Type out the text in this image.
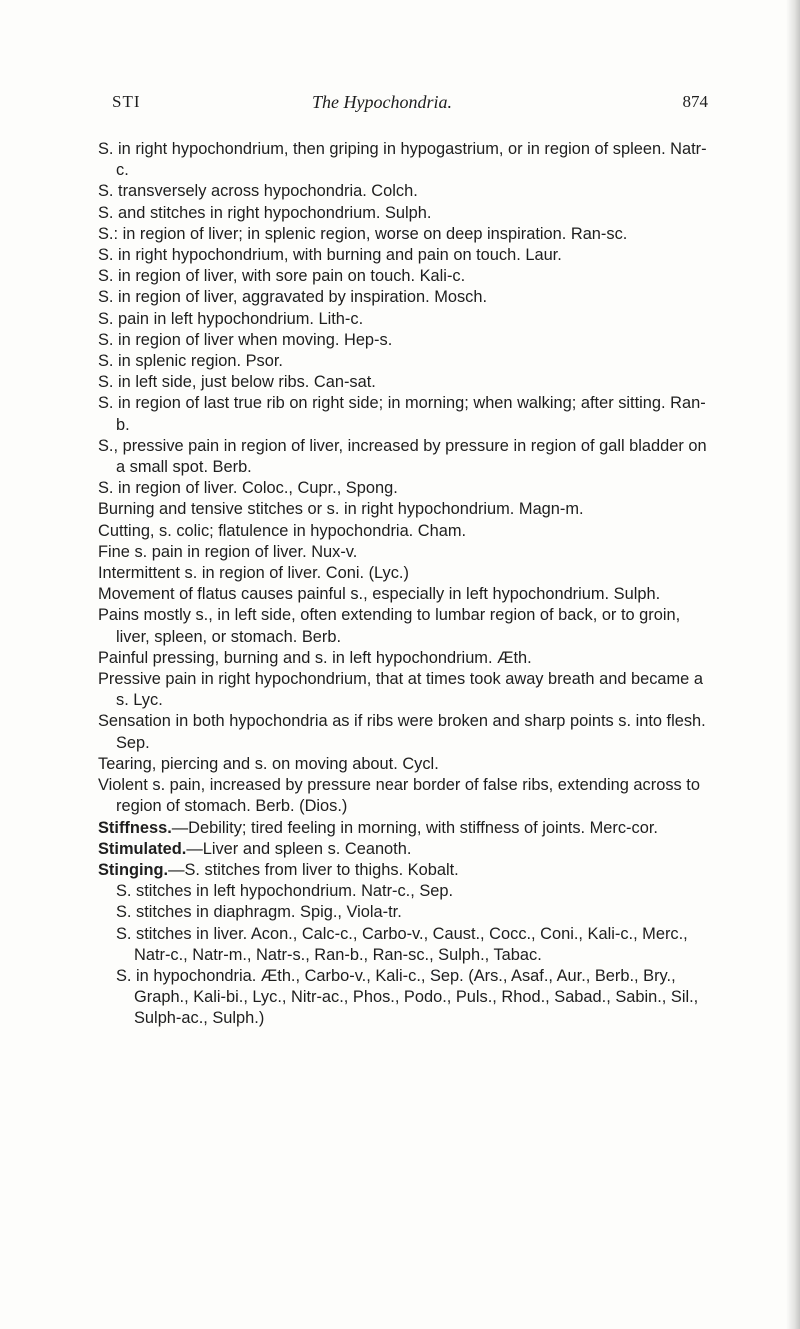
STI	The Hypochondria.	874
S. in right hypochondrium, then griping in hypogastrium, or in region of spleen. Natr-c.
S. transversely across hypochondria. Colch.
S. and stitches in right hypochondrium. Sulph.
S.: in region of liver; in splenic region, worse on deep inspiration. Ran-sc.
S. in right hypochondrium, with burning and pain on touch. Laur.
S. in region of liver, with sore pain on touch. Kali-c.
S. in region of liver, aggravated by inspiration. Mosch.
S. pain in left hypochondrium. Lith-c.
S. in region of liver when moving. Hep-s.
S. in splenic region. Psor.
S. in left side, just below ribs. Can-sat.
S. in region of last true rib on right side; in morning; when walking; after sitting. Ran-b.
S., pressive pain in region of liver, increased by pressure in region of gall bladder on a small spot. Berb.
S. in region of liver. Coloc., Cupr., Spong.
Burning and tensive stitches or s. in right hypochondrium. Magn-m.
Cutting, s. colic; flatulence in hypochondria. Cham.
Fine s. pain in region of liver. Nux-v.
Intermittent s. in region of liver. Coni. (Lyc.)
Movement of flatus causes painful s., especially in left hypochondrium. Sulph.
Pains mostly s., in left side, often extending to lumbar region of back, or to groin, liver, spleen, or stomach. Berb.
Painful pressing, burning and s. in left hypochondrium. Æth.
Pressive pain in right hypochondrium, that at times took away breath and became a s. Lyc.
Sensation in both hypochondria as if ribs were broken and sharp points s. into flesh. Sep.
Tearing, piercing and s. on moving about. Cycl.
Violent s. pain, increased by pressure near border of false ribs, extending across to region of stomach. Berb. (Dios.)
Stiffness.—Debility; tired feeling in morning, with stiffness of joints. Merc-cor.
Stimulated.—Liver and spleen s. Ceanoth.
Stinging.—S. stitches from liver to thighs. Kobalt.
S. stitches in left hypochondrium. Natr-c., Sep.
S. stitches in diaphragm. Spig., Viola-tr.
S. stitches in liver. Acon., Calc-c., Carbo-v., Caust., Cocc., Coni., Kali-c., Merc., Natr-c., Natr-m., Natr-s., Ran-b., Ran-sc., Sulph., Tabac.
S. in hypochondria. Æth., Carbo-v., Kali-c., Sep. (Ars., Asaf., Aur., Berb., Bry., Graph., Kali-bi., Lyc., Nitr-ac., Phos., Podo., Puls., Rhod., Sabad., Sabin., Sil., Sulph-ac., Sulph.)
